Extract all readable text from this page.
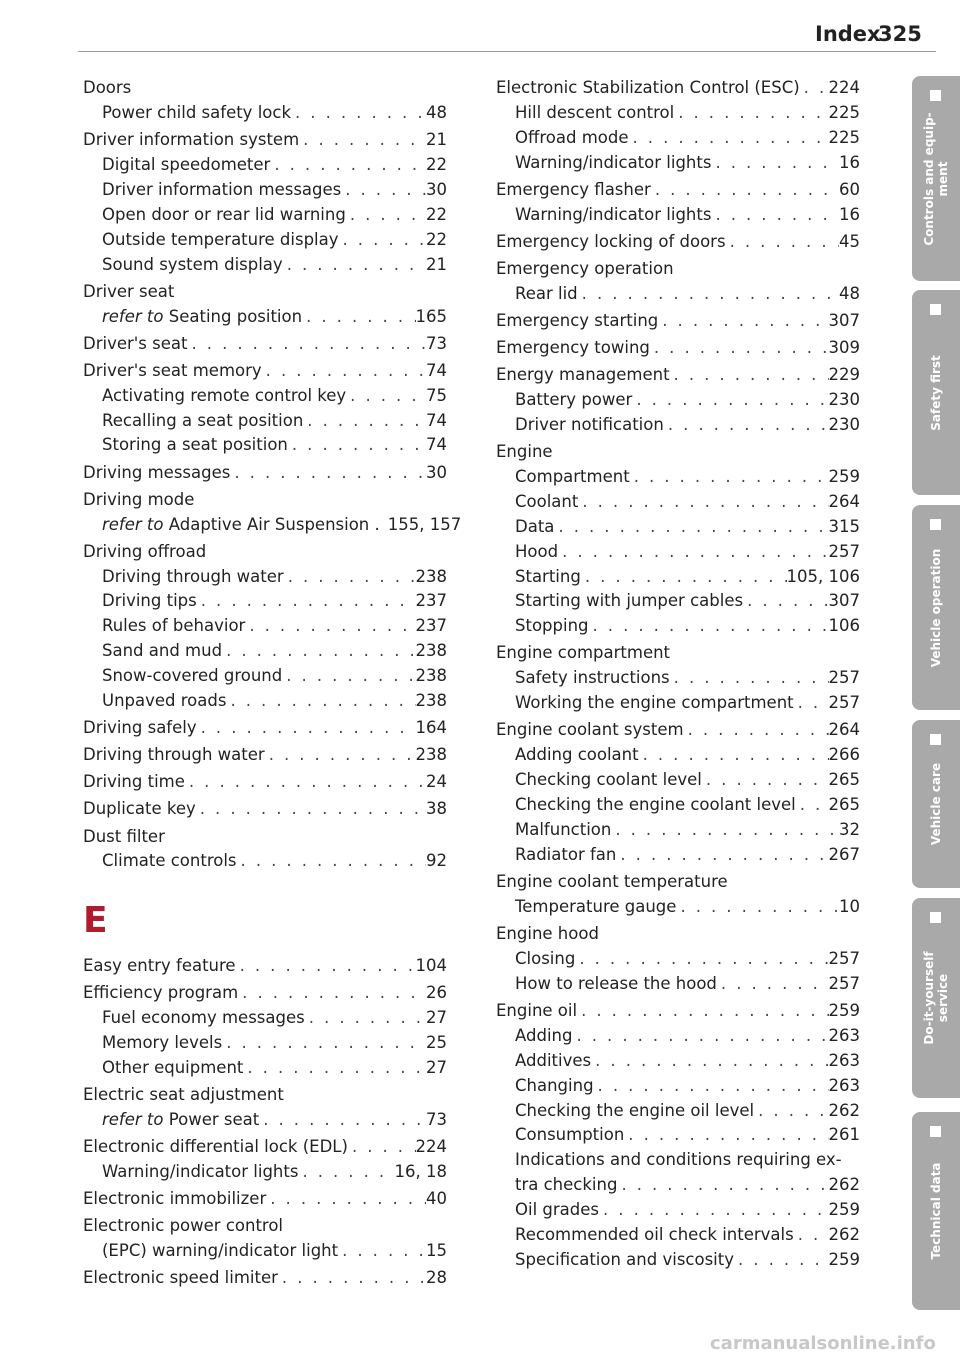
Index
325
Doors
Power child safety lock . . .	48
Driver information system . . .	21
Digital speedometer . . .	22
Driver information messages . . .	30
Open door or rear lid warning . . .	22
Outside temperature display . . .	22
Sound system display . . .	21
Driver seat
refer to Seating position . . .	165
Driver's seat . . .	73
Driver's seat memory . . .	74
Activating remote control key . . .	75
Recalling a seat position . . .	74
Storing a seat position . . .	74
Driving messages . . .	30
Driving mode
refer to Adaptive Air Suspension . 155, 157
Driving offroad
Driving through water . . .	238
Driving tips . . .	237
Rules of behavior . . .	237
Sand and mud . . .	238
Snow-covered ground . . .	238
Unpaved roads . . .	238
Driving safely . . .	164
Driving through water . . .	238
Driving time . . .	24
Duplicate key . . .	38
Dust filter
Climate controls . . .	92
E
Easy entry feature . . .	104
Efficiency program . . .	26
Fuel economy messages . . .	27
Memory levels . . .	25
Other equipment . . .	27
Electric seat adjustment
refer to Power seat . . .	73
Electronic differential lock (EDL) . . .	224
Warning/indicator lights . . .	16, 18
Electronic immobilizer . . .	40
Electronic power control
(EPC) warning/indicator light . . .	15
Electronic speed limiter . . .	28
Electronic Stabilization Control (ESC) . . . 224
Hill descent control . . .	225
Offroad mode . . .	225
Warning/indicator lights . . .	16
Emergency flasher . . .	60
Warning/indicator lights . . .	16
Emergency locking of doors . . .	45
Emergency operation
Rear lid . . .	48
Emergency starting . . .	307
Emergency towing . . .	309
Energy management . . .	229
Battery power . . .	230
Driver notification . . .	230
Engine
Compartment . . .	259
Coolant . . .	264
Data . . .	315
Hood . . .	257
Starting . . .	105, 106
Starting with jumper cables . . .	307
Stopping . . .	106
Engine compartment
Safety instructions . . .	257
Working the engine compartment . . . 257
Engine coolant system . . .	264
Adding coolant . . .	266
Checking coolant level . . .	265
Checking the engine coolant level . . . 265
Malfunction . . .	32
Radiator fan . . .	267
Engine coolant temperature
Temperature gauge . . .	10
Engine hood
Closing . . .	257
How to release the hood . . .	257
Engine oil . . .	259
Adding . . .	263
Additives . . .	263
Changing . . .	263
Checking the engine oil level . . .	262
Consumption . . .	261
Indications and conditions requiring ex-
tra checking . . .	262
Oil grades . . .	259
Recommended oil check intervals . . . 262
Specification and viscosity . . .	259
Controls and equip-
ment
Safety first
Vehicle operation
Vehicle care
Do-it-yourself
service
Technical data
carmanualsonline.info
